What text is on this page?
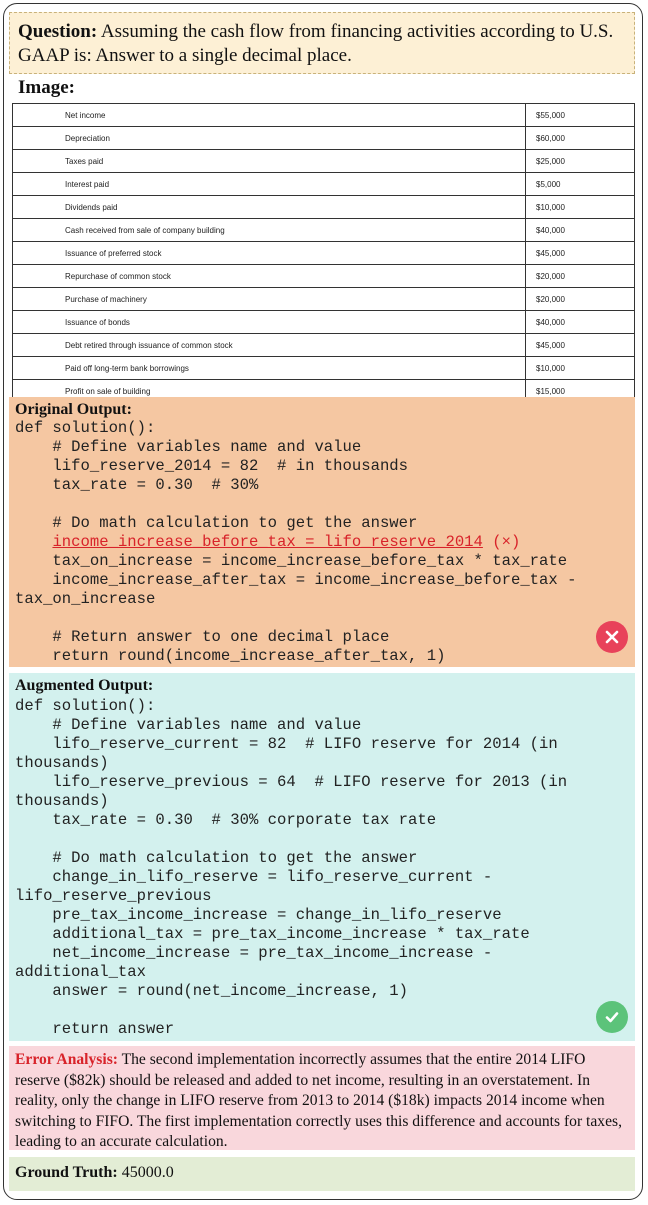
Question: Assuming the cash flow from financing activities according to U.S. GAAP is: Answer to a single decimal place.
Image:
Net income	$55,000
Depreciation	$60,000
Taxes paid	$25,000
Interest paid	$5,000
Dividends paid	$10,000
Cash received from sale of company building	$40,000
Issuance of preferred stock	$45,000
Repurchase of common stock	$20,000
Purchase of machinery	$20,000
Issuance of bonds	$40,000
Debt retired through issuance of common stock	$45,000
Paid off long-term bank borrowings	$10,000
Profit on sale of building	$15,000
Original Output:
def solution():
# Define variables name and value
lifo_reserve_2014 = 82  # in thousands
tax_rate = 0.30  # 30%

# Do math calculation to get the answer
income_increase_before_tax = lifo_reserve_2014 (×)
tax_on_increase = income_increase_before_tax * tax_rate
income_increase_after_tax = income_increase_before_tax -
tax_on_increase

# Return answer to one decimal place
return round(income_increase_after_tax, 1)
Augmented Output:
def solution():
# Define variables name and value
lifo_reserve_current = 82  # LIFO reserve for 2014 (in
thousands)
lifo_reserve_previous = 64  # LIFO reserve for 2013 (in
thousands)
tax_rate = 0.30  # 30% corporate tax rate

# Do math calculation to get the answer
change_in_lifo_reserve = lifo_reserve_current -
lifo_reserve_previous
pre_tax_income_increase = change_in_lifo_reserve
additional_tax = pre_tax_income_increase * tax_rate
net_income_increase = pre_tax_income_increase -
additional_tax
answer = round(net_income_increase, 1)

return answer
Error Analysis: The second implementation incorrectly assumes that the entire 2014 LIFO reserve ($82k) should be released and added to net income, resulting in an overstatement. In reality, only the change in LIFO reserve from 2013 to 2014 ($18k) impacts 2014 income when switching to FIFO. The first implementation correctly uses this difference and accounts for taxes, leading to an accurate calculation.
Ground Truth: 45000.0
